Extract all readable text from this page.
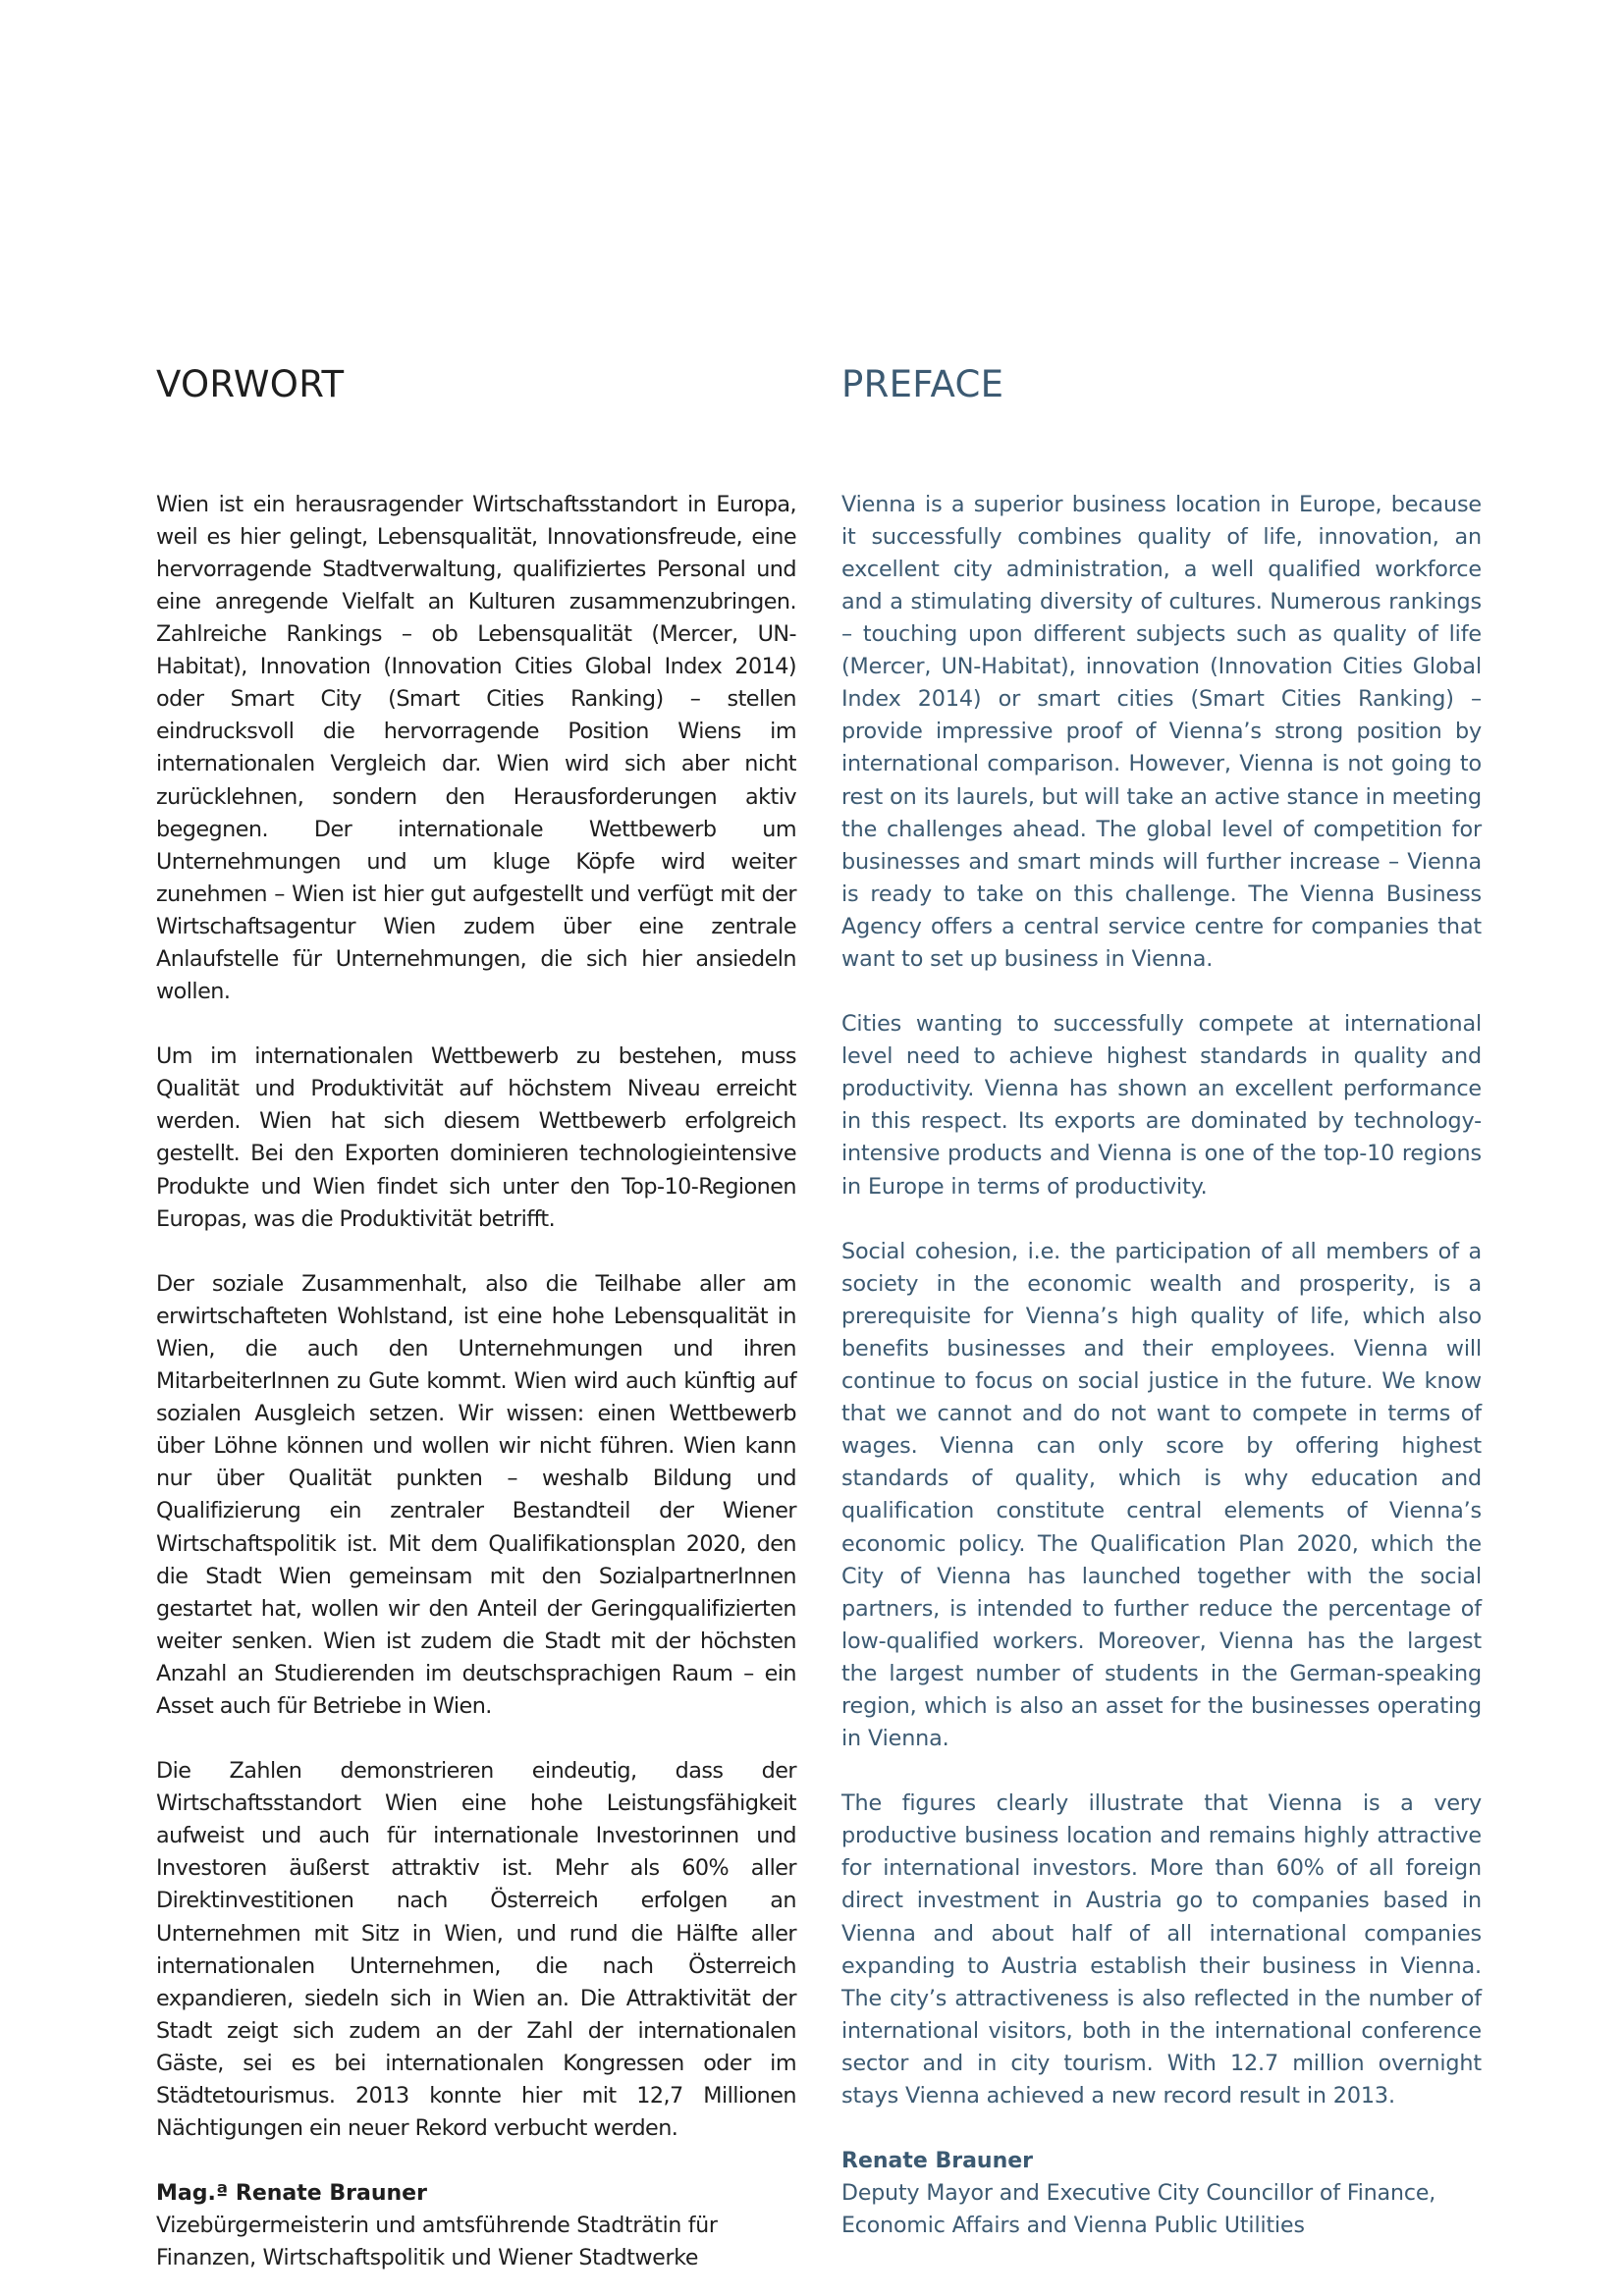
VORWORT

Wien ist ein herausragender Wirtschaftsstandort in Europa, weil es hier gelingt, Lebensqualität, Innovationsfreude, eine hervorragende Stadtverwaltung, qualifiziertes Personal und eine anregende Vielfalt an Kulturen zusammenzubringen. Zahlreiche Rankings – ob Lebensqualität (Mercer, UN-Habitat), Innovation (Innovation Cities Global Index 2014) oder Smart City (Smart Cities Ranking) – stellen eindrucksvoll die hervorragende Position Wiens im internationalen Vergleich dar. Wien wird sich aber nicht zurücklehnen, sondern den Herausforderungen aktiv begegnen. Der internationale Wettbewerb um Unternehmungen und um kluge Köpfe wird weiter zunehmen – Wien ist hier gut aufgestellt und verfügt mit der Wirtschaftsagentur Wien zudem über eine zentrale Anlaufstelle für Unternehmungen, die sich hier ansiedeln wollen.

Um im internationalen Wettbewerb zu bestehen, muss Qualität und Produktivität auf höchstem Niveau erreicht werden. Wien hat sich diesem Wettbewerb erfolgreich gestellt. Bei den Exporten dominieren technologieintensive Produkte und Wien findet sich unter den Top-10-Regionen Europas, was die Produktivität betrifft.

Der soziale Zusammenhalt, also die Teilhabe aller am erwirtschafteten Wohlstand, ist eine hohe Lebensqualität in Wien, die auch den Unternehmungen und ihren MitarbeiterInnen zu Gute kommt. Wien wird auch künftig auf sozialen Ausgleich setzen. Wir wissen: einen Wettbewerb über Löhne können und wollen wir nicht führen. Wien kann nur über Qualität punkten – weshalb Bildung und Qualifizierung ein zentraler Bestandteil der Wiener Wirtschaftspolitik ist. Mit dem Qualifikationsplan 2020, den die Stadt Wien gemeinsam mit den SozialpartnerInnen gestartet hat, wollen wir den Anteil der Geringqualifizierten weiter senken. Wien ist zudem die Stadt mit der höchsten Anzahl an Studierenden im deutschsprachigen Raum – ein Asset auch für Betriebe in Wien.

Die Zahlen demonstrieren eindeutig, dass der Wirtschaftsstandort Wien eine hohe Leistungsfähigkeit aufweist und auch für internationale Investorinnen und Investoren äußerst attraktiv ist. Mehr als 60% aller Direktinvestitionen nach Österreich erfolgen an Unternehmen mit Sitz in Wien, und rund die Hälfte aller internationalen Unternehmen, die nach Österreich expandieren, siedeln sich in Wien an. Die Attraktivität der Stadt zeigt sich zudem an der Zahl der internationalen Gäste, sei es bei internationalen Kongressen oder im Städtetourismus. 2013 konnte hier mit 12,7 Millionen Nächtigungen ein neuer Rekord verbucht werden.

Mag.ª Renate Brauner
Vizebürgermeisterin und amtsführende Stadträtin für
Finanzen, Wirtschaftspolitik und Wiener Stadtwerke
PREFACE

Vienna is a superior business location in Europe, because it successfully combines quality of life, innovation, an excellent city administration, a well qualified workforce and a stimulating diversity of cultures. Numerous rankings – touching upon different subjects such as quality of life (Mercer, UN-Habitat), innovation (Innovation Cities Global Index 2014) or smart cities (Smart Cities Ranking) – provide impressive proof of Vienna’s strong position by international comparison. However, Vienna is not going to rest on its laurels, but will take an active stance in meeting the challenges ahead. The global level of competition for businesses and smart minds will further increase – Vienna is ready to take on this challenge. The Vienna Business Agency offers a central service centre for companies that want to set up business in Vienna.

Cities wanting to successfully compete at international level need to achieve highest standards in quality and productivity. Vienna has shown an excellent performance in this respect. Its exports are dominated by technology-intensive products and Vienna is one of the top-10 regions in Europe in terms of productivity.

Social cohesion, i.e. the participation of all members of a society in the economic wealth and prosperity, is a prerequisite for Vienna’s high quality of life, which also benefits businesses and their employees. Vienna will continue to focus on social justice in the future. We know that we cannot and do not want to compete in terms of wages. Vienna can only score by offering highest standards of quality, which is why education and qualification constitute central elements of Vienna’s economic policy. The Qualification Plan 2020, which the City of Vienna has launched together with the social partners, is intended to further reduce the percentage of low-qualified workers. Moreover, Vienna has the largest the largest number of students in the German-speaking region, which is also an asset for the businesses operating in Vienna.

The figures clearly illustrate that Vienna is a very productive business location and remains highly attractive for international investors. More than 60% of all foreign direct investment in Austria go to companies based in Vienna and about half of all international companies expanding to Austria establish their business in Vienna. The city’s attractiveness is also reflected in the number of international visitors, both in the international conference sector and in city tourism. With 12.7 million overnight stays Vienna achieved a new record result in 2013.

Renate Brauner
Deputy Mayor and Executive City Councillor of Finance,
Economic Affairs and Vienna Public Utilities
